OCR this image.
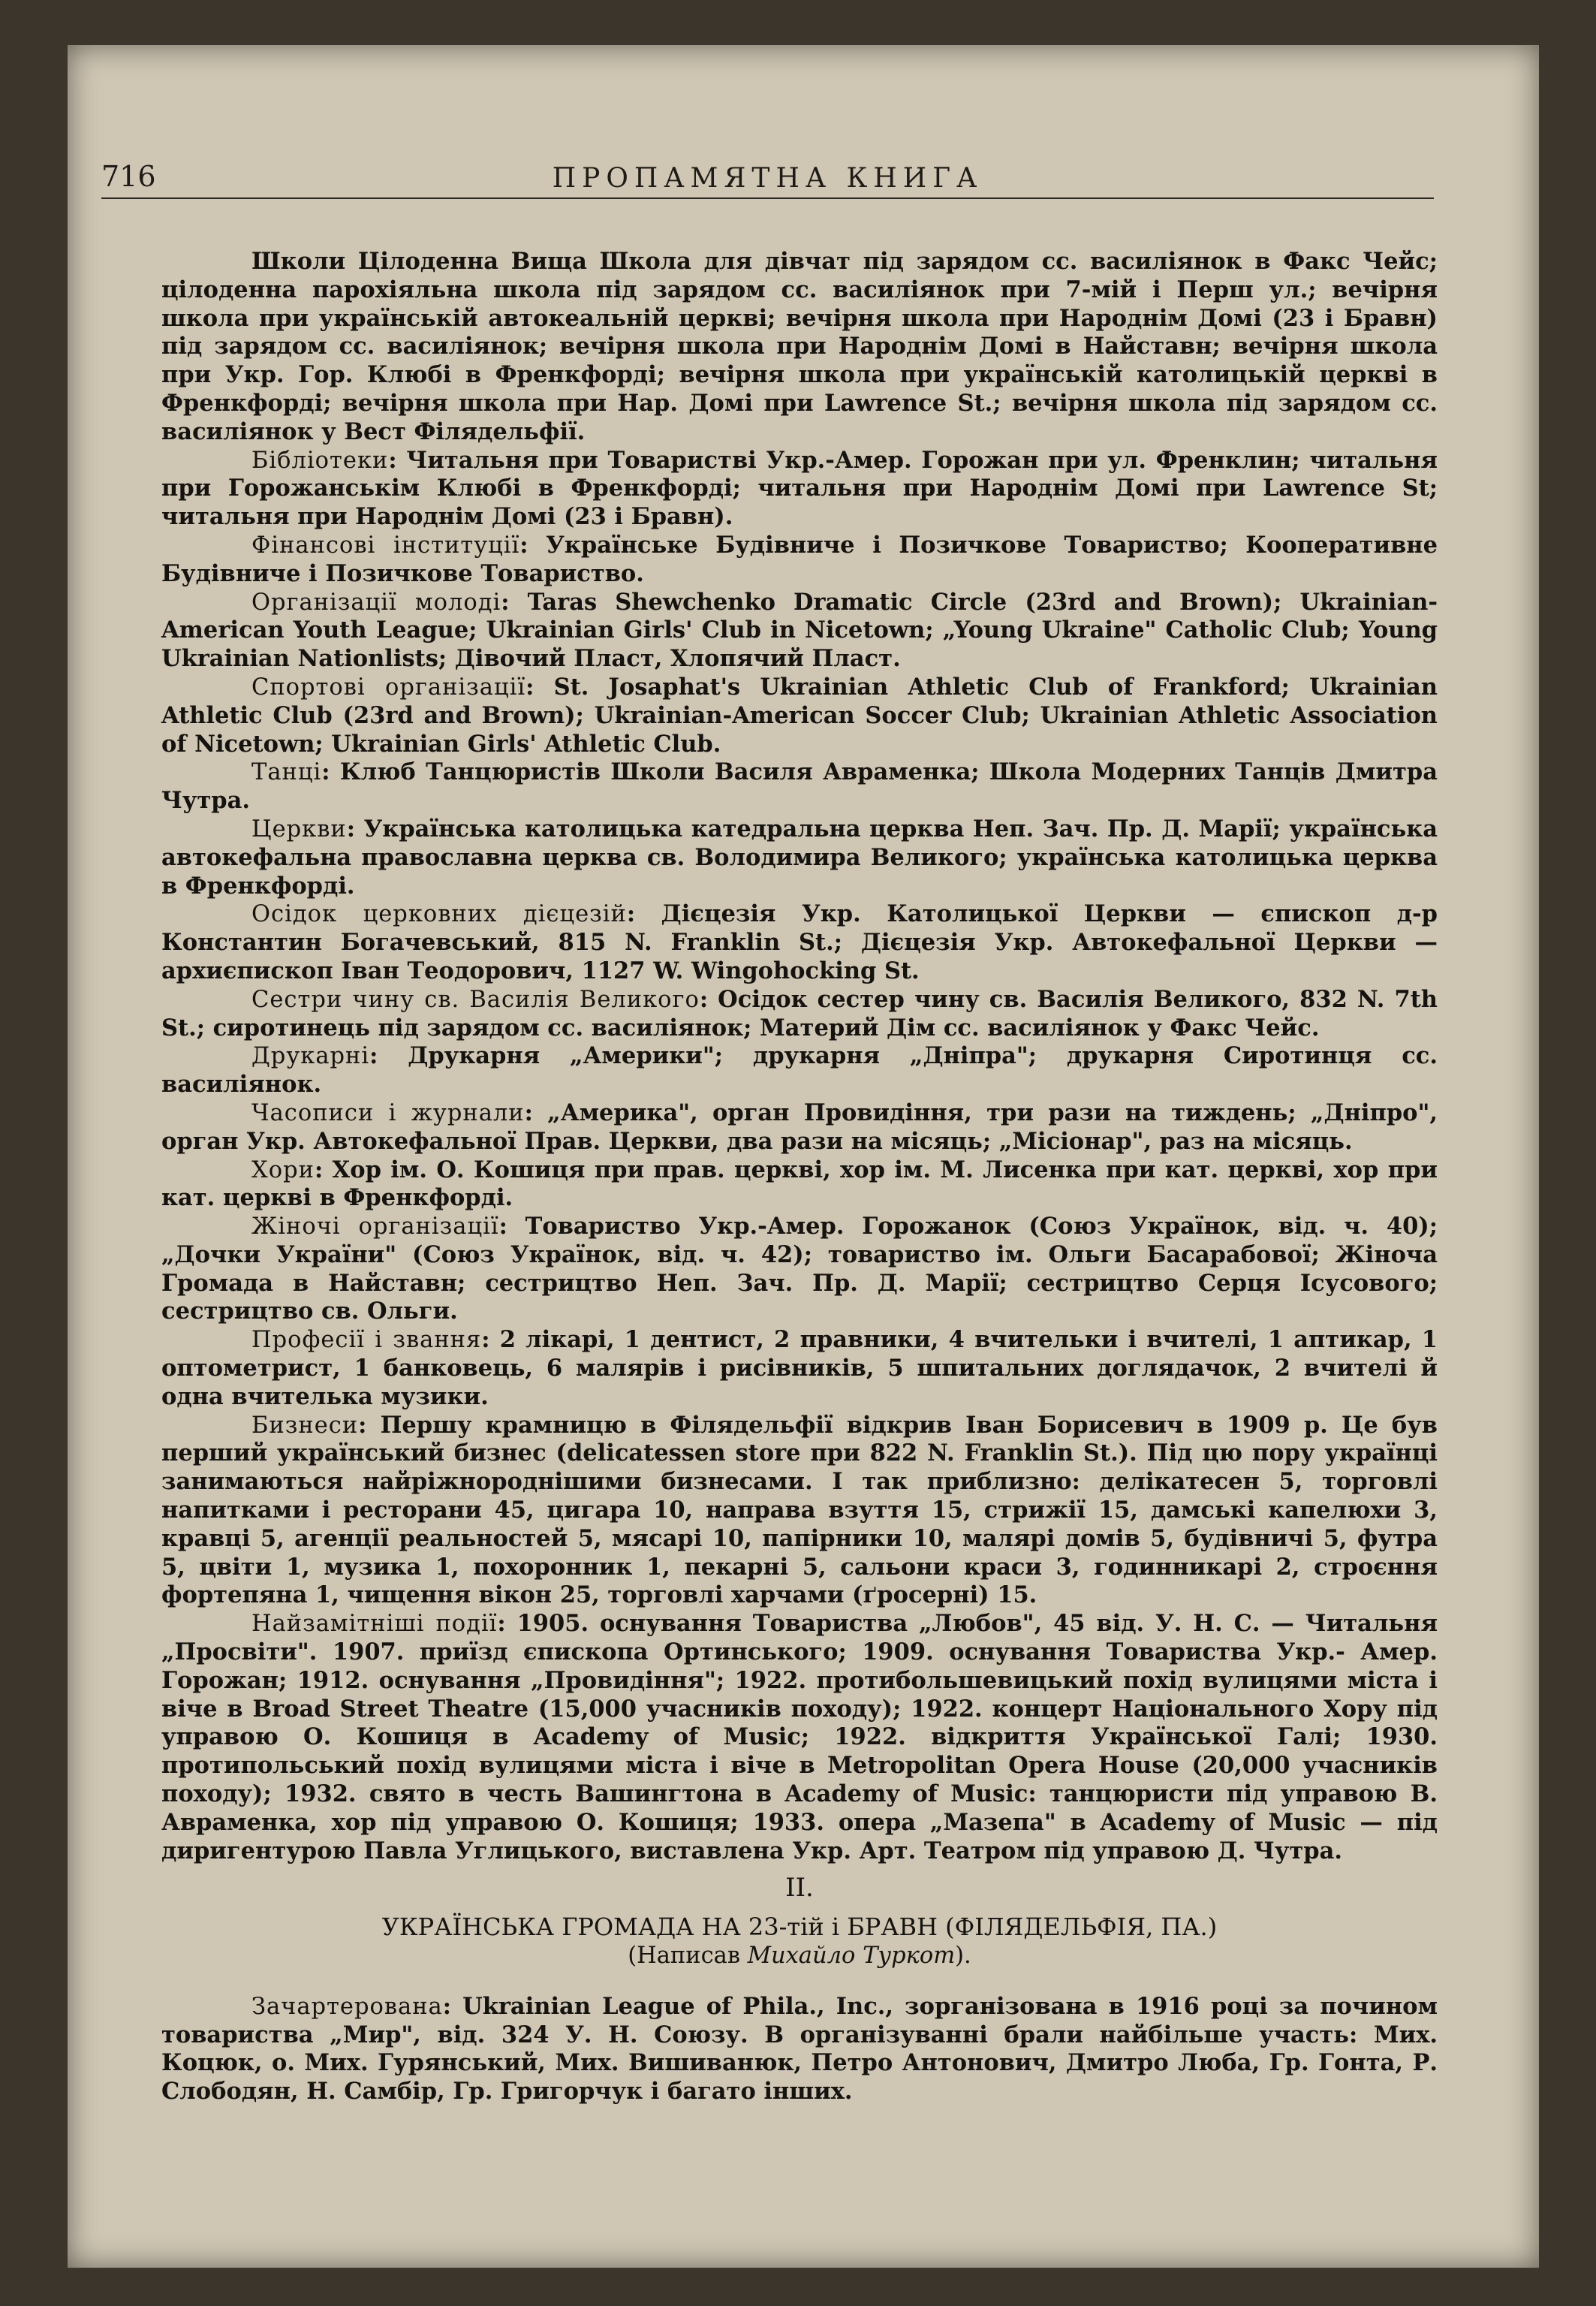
716	ПРОПАМЯТНА КНИГА

Школи Цілоденна Вища Школа для дівчат під зарядом сс. василіянок в Факс Чейс; цілоденна парохіяльна школа під зарядом сс. василіянок при 7-мій і Перш ул.; вечірня школа при українській автокеальній церкві; вечірня школа при Народнім Домі (23 і Бравн) під зарядом сс. василіянок; вечірня школа при Народнім Домі в Найставн; вечірня школа при Укр. Гор. Клюбі в Френкфорді; вечірня школа при українській католицькій церкві в Френкфорді; вечірня школа при Нар. Домі при Lawrence St.; вечірня школа під зарядом сс. василіянок у Вест Філядельфії.

Бібліотеки: Читальня при Товаристві Укр.-Амер. Горожан при ул. Френклин; читальня при Горожанськім Клюбі в Френкфорді; читальня при Народнім Домі при Lawrence St; читальня при Народнім Домі (23 і Бравн).

Фінансові інституції: Українське Будівниче і Позичкове Товариство; Кооперативне Будівниче і Позичкове Товариство.

Органiзації молоді: Taras Shewchenko Dramatic Circle (23rd and Brown); Ukrainian-American Youth League; Ukrainian Girls' Club in Nicetown; „Young Ukraine" Catholic Club; Young Ukrainian Nationlists; Дівочий Пласт, Хлопячий Пласт.

Спортові організації: St. Josaphat's Ukrainian Athletic Club of Frankford; Ukrainian Athletic Club (23rd and Brown); Ukrainian-American Soccer Club; Ukrainian Athletic Association of Nicetown; Ukrainian Girls' Athletic Club.

Танці: Клюб Танцюристів Школи Василя Авраменка; Школа Модерних Танців Дмитра Чутра.

Церкви: Українська католицька катедральна церква Неп. Зач. Пр. Д. Марії; українська автокефальна православна церква св. Володимира Великого; українська католицька церква в Френкфорді.

Осідок церковних дієцезій: Дієцезія Укр. Католицької Церкви — єпископ д-р Константин Богачевський, 815 N. Franklin St.; Дієцезія Укр. Автокефальної Церкви — архиєпископ Іван Теодорович, 1127 W. Wingohocking St.

Сестри чину св. Василія Великого: Осідок сестер чину св. Василія Великого, 832 N. 7th St.; сиротинець під зарядом сс. василіянок; Материй Дім сс. василіянок у Факс Чейс.

Друкарні: Друкарня „Америки"; друкарня „Дніпра"; друкарня Сиротинця сс. василіянок.

Часописи і журнали: „Америка", орган Провидіння, три рази на тиждень; „Дніпро", орган Укр. Автокефальної Прав. Церкви, два рази на місяць; „Місіонар", раз на місяць.

Хори: Хор ім. О. Кошиця при прав. церкві, хор ім. М. Лисенка при кат. церкві, хор при кат. церкві в Френкфорді.

Жіночі організації: Товариство Укр.-Амер. Горожанок (Союз Українок, від. ч. 40); „Дочки України" (Союз Українок, від. ч. 42); товариство ім. Ольги Басарабової; Жіноча Громада в Найставн; сестрицтво Неп. Зач. Пр. Д. Марії; сестрицтво Серця Ісусового; сестрицтво св. Ольги.

Професії і звання: 2 лікарі, 1 дентист, 2 правники, 4 вчительки і вчителі, 1 аптикар, 1 оптометрист, 1 банковець, 6 малярів і рисівників, 5 шпитальних доглядачок, 2 вчителі й одна вчителька музики.

Бизнеси: Першу крамницю в Філядельфії відкрив Іван Борисевич в 1909 р. Це був перший український бизнес (delicatessen store при 822 N. Franklin St.). Під цю пору українці занимаються найріжнороднішими бизнесами. І так приблизно: делікатесен 5, торговлі напитками і ресторани 45, цигара 10, направа взуття 15, стрижії 15, дамські капелюхи 3, кравці 5, агенції реальностей 5, мясарі 10, папірники 10, малярі домів 5, будівничі 5, футра 5, цвіти 1, музика 1, похоронник 1, пекарні 5, сальони краси 3, годинникарі 2, строєння фортепяна 1, чищення вікон 25, торговлі харчами (ґросерні) 15.

Найзамітніші події: 1905. оснування Товариства „Любов", 45 від. У. Н. С. — Читальня „Просвіти". 1907. приїзд єпископа Ортинського; 1909. оснування Товариства Укр.- Амер. Горожан; 1912. оснування „Провидіння"; 1922. протибольшевицький похід вулицями міста і віче в Broad Street Theatre (15,000 учасників походу); 1922. концерт Національного Хору під управою О. Кошиця в Academy of Music; 1922. відкриття Української Галі; 1930. протипольський похід вулицями міста і віче в Metropolitan Opera House (20,000 учасників походу); 1932. свято в честь Вашингтона в Academy of Music: танцюристи під управою В. Авраменка, хор під управою О. Кошиця; 1933. опера „Мазепа" в Academy of Music — під диригентурою Павла Углицького, виставлена Укр. Арт. Театром під управою Д. Чутра.

II.

УКРАЇНСЬКА ГРОМАДА НА 23-тій і БРАВН (ФІЛЯДЕЛЬФІЯ, ПА.)

(Написав Михайло Туркот).

Зачартерована: Ukrainian League of Phila., Inc., зорганізована в 1916 році за почином товариства „Мир", від. 324 У. Н. Союзу. В організуванні брали найбільше участь: Мих. Коцюк, о. Мих. Гурянський, Мих. Вишиванюк, Петро Антонович, Дмитро Люба, Гр. Гонта, Р. Слободян, Н. Самбір, Гр. Григорчук і багато інших.
